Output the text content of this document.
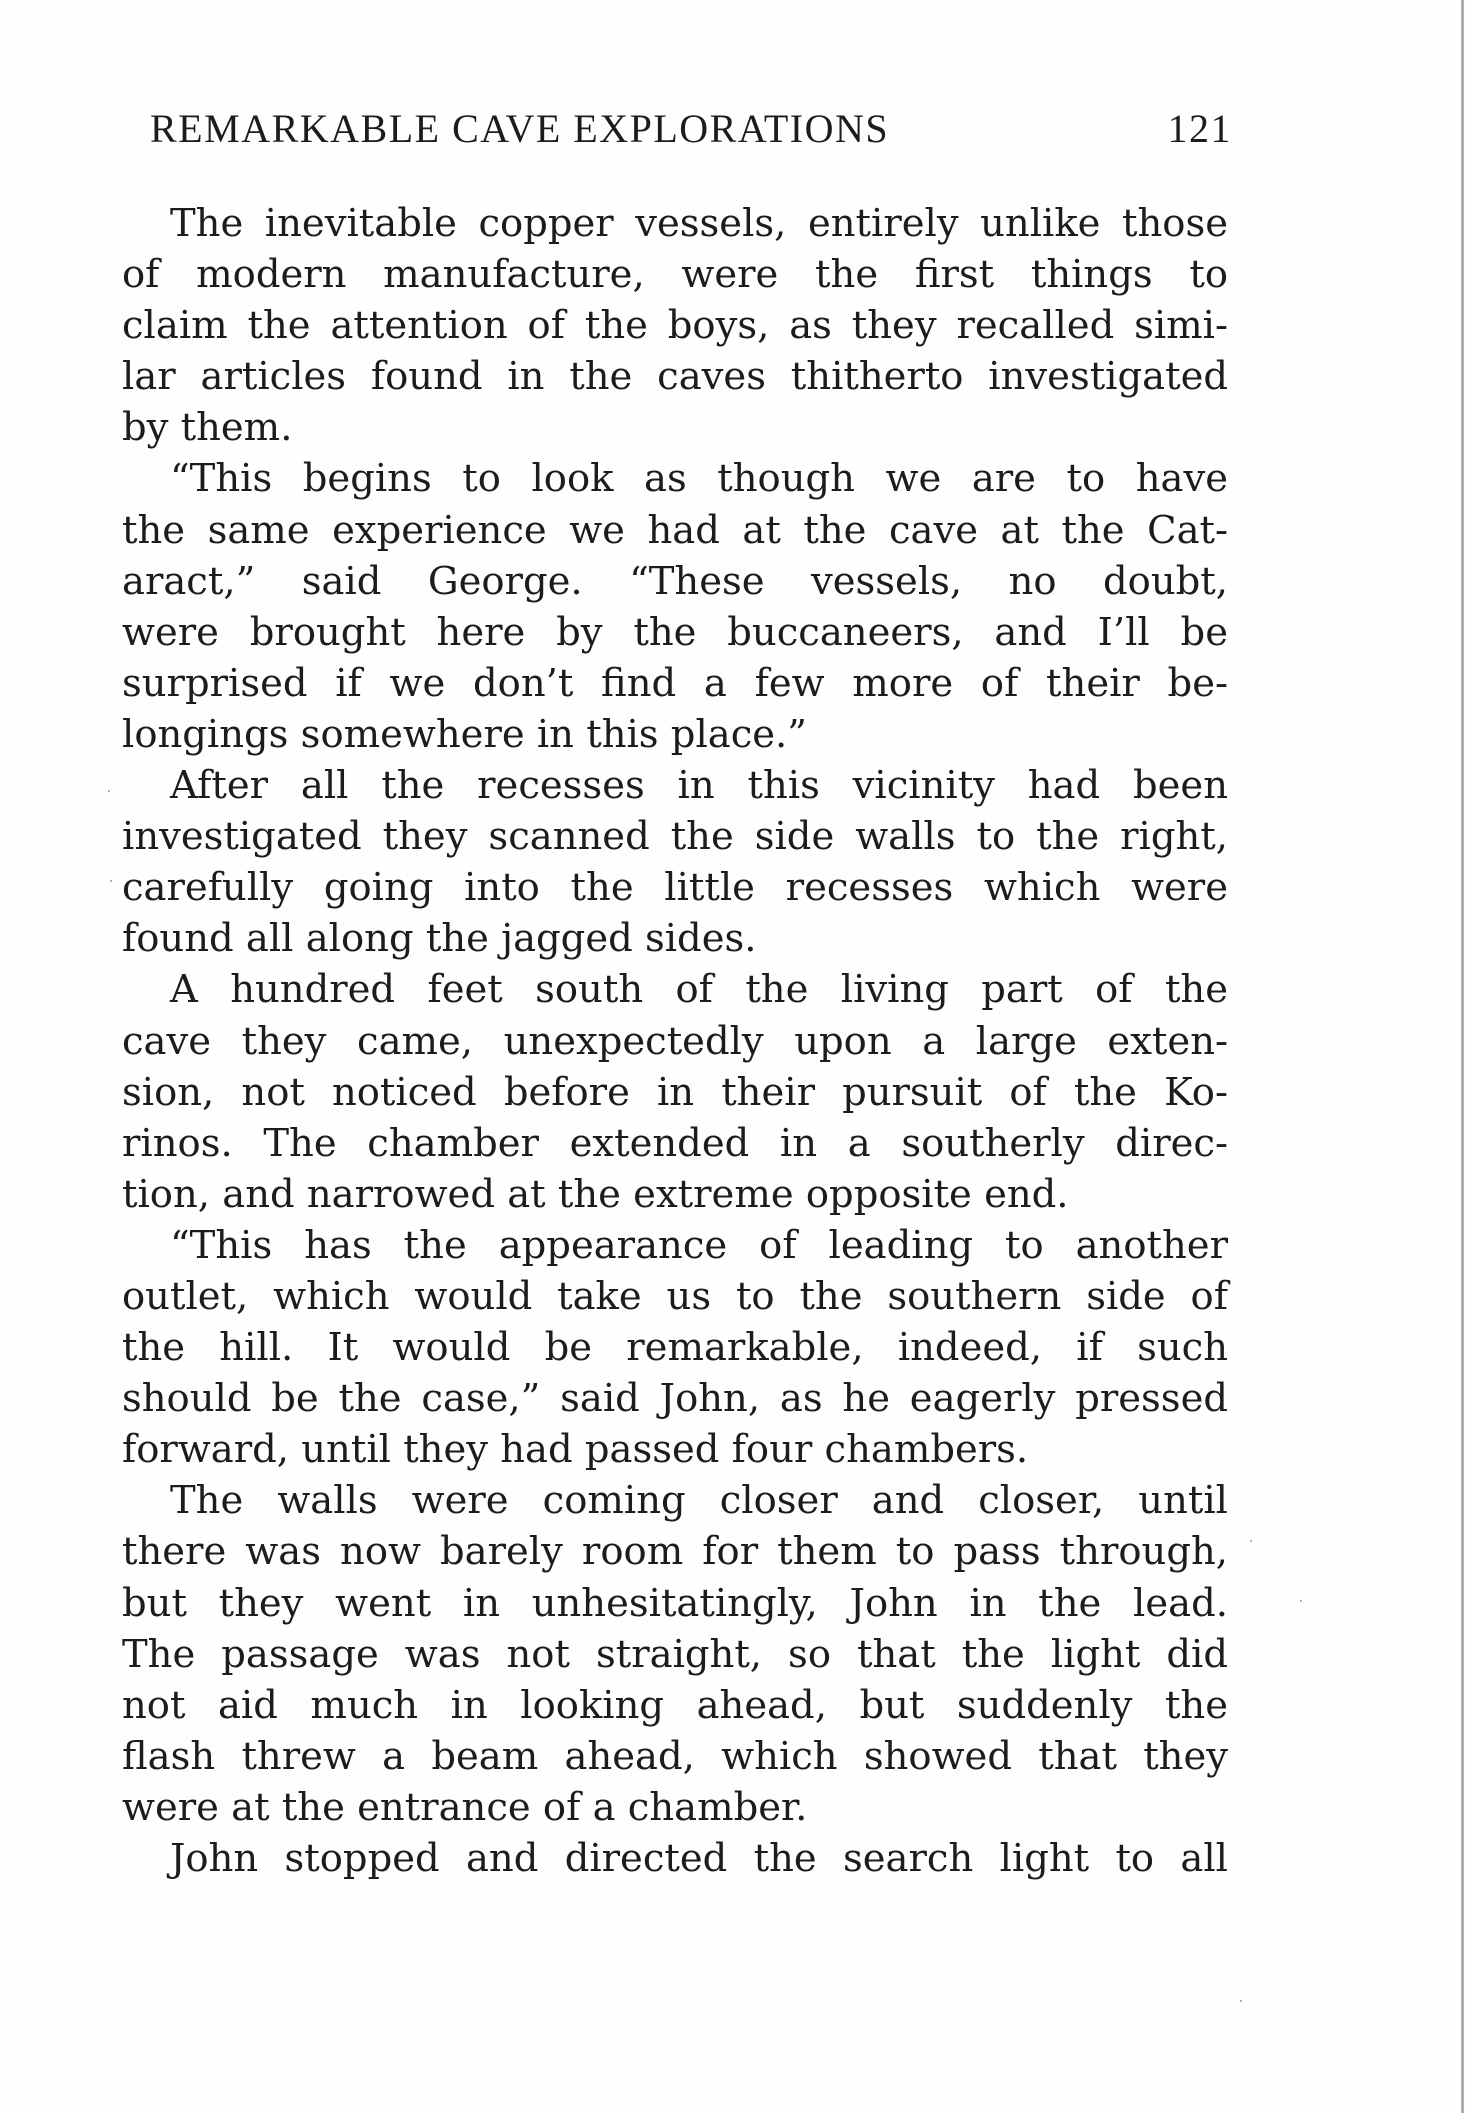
REMARKABLE CAVE EXPLORATIONS	121
The inevitable copper vessels, entirely unlike those
of modern manufacture, were the first things to
claim the attention of the boys, as they recalled simi-
lar articles found in the caves thitherto investigated
by them.
“This begins to look as though we are to have
the same experience we had at the cave at the Cat-
aract,” said George. “These vessels, no doubt,
were brought here by the buccaneers, and I’ll be
surprised if we don’t find a few more of their be-
longings somewhere in this place.”
After all the recesses in this vicinity had been
investigated they scanned the side walls to the right,
carefully going into the little recesses which were
found all along the jagged sides.
A hundred feet south of the living part of the
cave they came, unexpectedly upon a large exten-
sion, not noticed before in their pursuit of the Ko-
rinos. The chamber extended in a southerly direc-
tion, and narrowed at the extreme opposite end.
“This has the appearance of leading to another
outlet, which would take us to the southern side of
the hill. It would be remarkable, indeed, if such
should be the case,” said John, as he eagerly pressed
forward, until they had passed four chambers.
The walls were coming closer and closer, until
there was now barely room for them to pass through,
but they went in unhesitatingly, John in the lead.
The passage was not straight, so that the light did
not aid much in looking ahead, but suddenly the
flash threw a beam ahead, which showed that they
were at the entrance of a chamber.
John stopped and directed the search light to all
